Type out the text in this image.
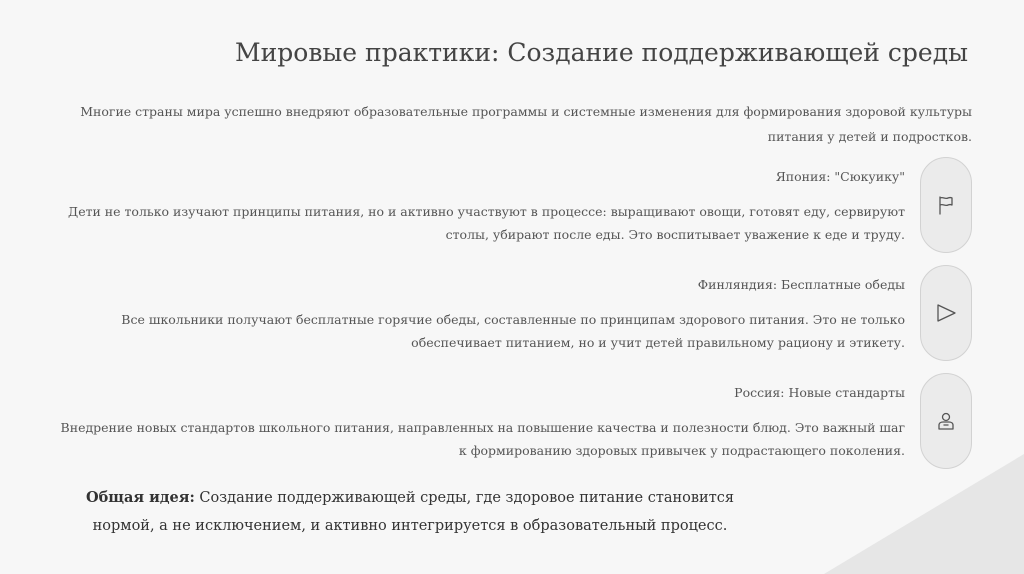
Мировые практики: Создание поддерживающей среды

Многие страны мира успешно внедряют образовательные программы и системные изменения для формирования здоровой культуры питания у детей и подростков.

Япония: "Сюкуику"

Дети не только изучают принципы питания, но и активно участвуют в процессе: выращивают овощи, готовят еду, сервируют столы, убирают после еды. Это воспитывает уважение к еде и труду.

Финляндия: Бесплатные обеды

Все школьники получают бесплатные горячие обеды, составленные по принципам здорового питания. Это не только обеспечивает питанием, но и учит детей правильному рациону и этикету.

Россия: Новые стандарты

Внедрение новых стандартов школьного питания, направленных на повышение качества и полезности блюд. Это важный шаг к формированию здоровых привычек у подрастающего поколения.

Общая идея: Создание поддерживающей среды, где здоровое питание становится нормой, а не исключением, и активно интегрируется в образовательный процесс.
